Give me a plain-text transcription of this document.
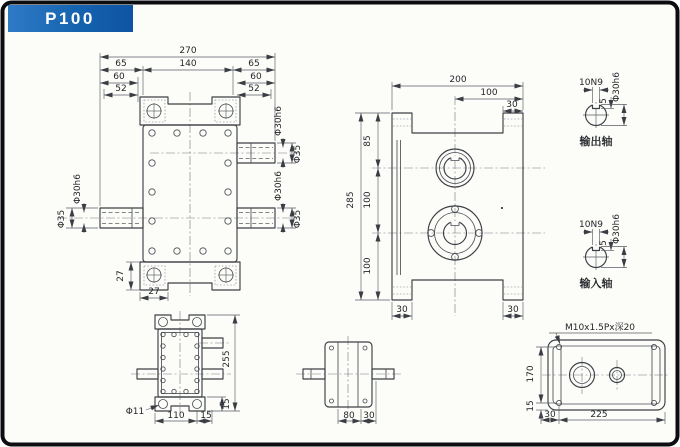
P100
270
65	140	65
60
52
60
52
Φ30h6
Φ35
Φ30h6
Φ35
Φ30h6
Φ35
27
27
200
100
30
285
85
100
100
30	30
10N9
5 Φ30h6
输出轴
10N9
5 Φ30h6
输入轴
255
Φ11	110 15
15
80 30
M10x1.5Px深20
170
15
30	225
